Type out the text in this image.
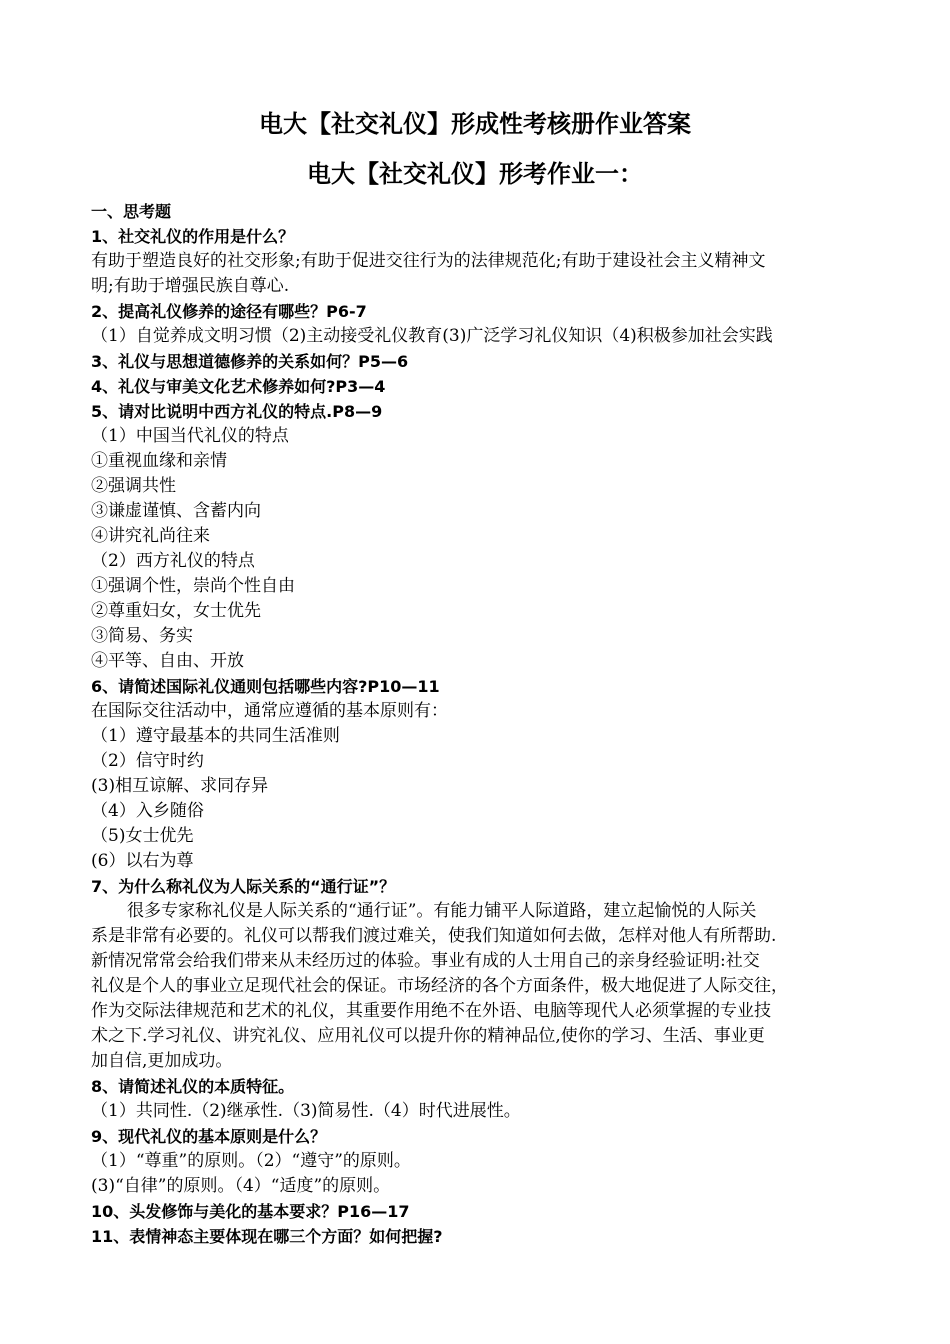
电大【社交礼仪】形成性考核册作业答案
电大【社交礼仪】形考作业一：

一、思考题

1、社交礼仪的作用是什么？

有助于塑造良好的社交形象;有助于促进交往行为的法律规范化;有助于建设社会主义精神文

明;有助于增强民族自尊心.

2、提高礼仪修养的途径有哪些？P6-7

（1）自觉养成文明习惯（2)主动接受礼仪教育(3)广泛学习礼仪知识（4)积极参加社会实践

3、礼仪与思想道德修养的关系如何？P5—6

4、礼仪与审美文化艺术修养如何?P3—4

5、请对比说明中西方礼仪的特点.P8—9

（1）中国当代礼仪的特点

①重视血缘和亲情

②强调共性

③谦虚谨慎、含蓄内向

④讲究礼尚往来

（2）西方礼仪的特点

①强调个性，崇尚个性自由

②尊重妇女，女士优先

③简易、务实

④平等、自由、开放

6、请简述国际礼仪通则包括哪些内容?P10—11

在国际交往活动中，通常应遵循的基本原则有：

（1）遵守最基本的共同生活准则

（2）信守时约

(3)相互谅解、求同存异

（4）入乡随俗

（5)女士优先

(6）以右为尊

7、为什么称礼仪为人际关系的“通行证”？

很多专家称礼仪是人际关系的“通行证”。有能力铺平人际道路，建立起愉悦的人际关

系是非常有必要的。礼仪可以帮我们渡过难关，使我们知道如何去做，怎样对他人有所帮助.

新情况常常会给我们带来从未经历过的体验。事业有成的人士用自己的亲身经验证明:社交

礼仪是个人的事业立足现代社会的保证。市场经济的各个方面条件，极大地促进了人际交往，

作为交际法律规范和艺术的礼仪，其重要作用绝不在外语、电脑等现代人必须掌握的专业技

术之下.学习礼仪、讲究礼仪、应用礼仪可以提升你的精神品位,使你的学习、生活、事业更

加自信,更加成功。

8、请简述礼仪的本质特征。

（1）共同性.（2)继承性.（3)简易性.（4）时代进展性。

9、现代礼仪的基本原则是什么？

（1）“尊重”的原则。（2）“遵守”的原则。

(3)“自律”的原则。（4）“适度”的原则。

10、头发修饰与美化的基本要求？P16—17

11、表情神态主要体现在哪三个方面？如何把握?
